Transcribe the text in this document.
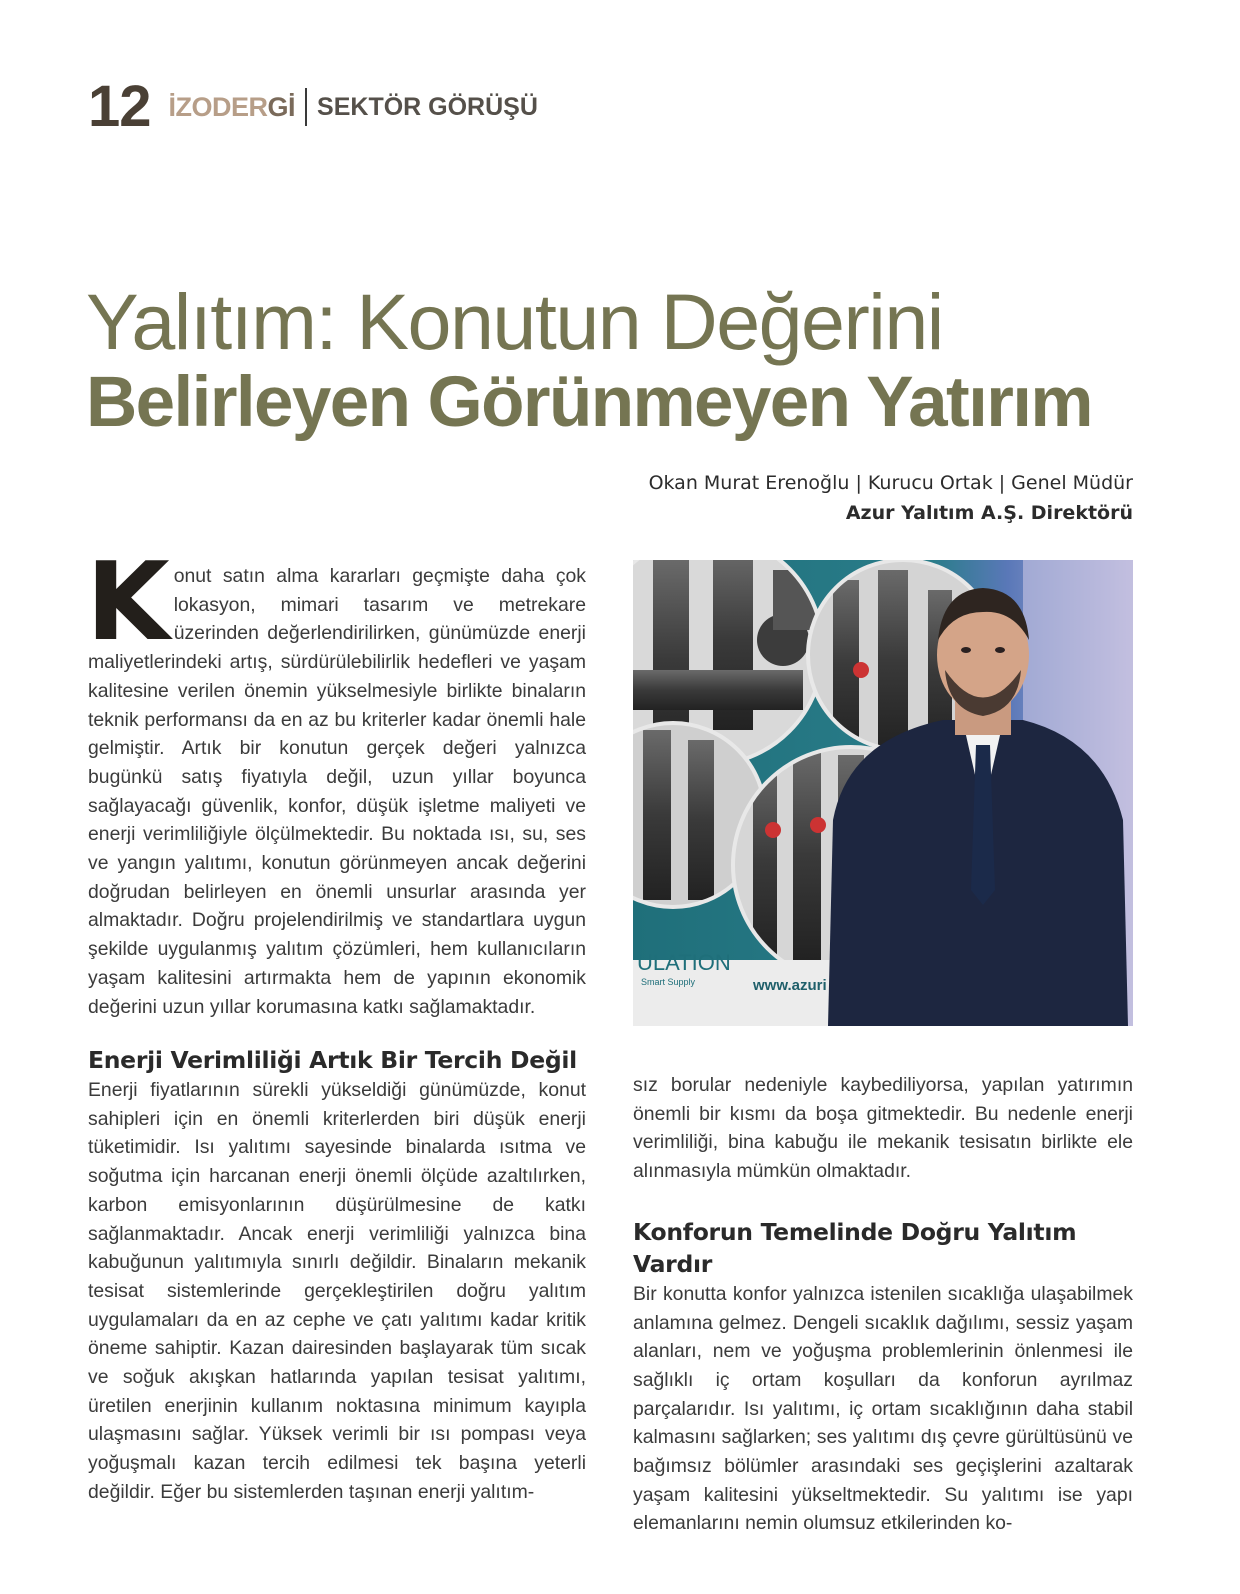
12 İZODERGİ SEKTÖR GÖRÜŞÜ
Yalıtım: Konutun Değerini
Belirleyen Görünmeyen Yatırım
Okan Murat Erenoğlu | Kurucu Ortak | Genel Müdür
Azur Yalıtım A.Ş. Direktörü
K onut satın alma kararları geçmişte daha çok lokasyon, mimari tasarım ve metrekare üzerinden değerlendirilirken, günümüzde enerji maliyetlerindeki artış, sürdürülebilirlik hedefleri ve yaşam kalitesine verilen önemin yükselmesiyle birlikte binaların teknik performansı da en az bu kriterler kadar önemli hale gelmiştir. Artık bir konutun gerçek değeri yalnızca bugünkü satış fiyatıyla değil, uzun yıllar boyunca sağlayacağı güvenlik, konfor, düşük işletme maliyeti ve enerji verimliliğiyle ölçülmektedir. Bu noktada ısı, su, ses ve yangın yalıtımı, konutun görünmeyen ancak değerini doğrudan belirleyen en önemli unsurlar arasında yer almaktadır. Doğru projelendirilmiş ve standartlara uygun şekilde uygulanmış yalıtım çözümleri, hem kullanıcıların yaşam kalitesini artırmakta hem de yapının ekonomik değerini uzun yıllar korumasına katkı sağlamaktadır.

ULATION
Smart Supply	www.azuri
Enerji Verimliliği Artık Bir Tercih Değil

Enerji fiyatlarının sürekli yükseldiği günümüzde, konut sahipleri için en önemli kriterlerden biri düşük enerji tüketimidir. Isı yalıtımı sayesinde binalarda ısıtma ve soğutma için harcanan enerji önemli ölçüde azaltılırken, karbon emisyonlarının düşürülmesine de katkı sağlanmaktadır. Ancak enerji verimliliği yalnızca bina kabuğunun yalıtımıyla sınırlı değildir. Binaların mekanik tesisat sistemlerinde gerçekleştirilen doğru yalıtım uygulamaları da en az cephe ve çatı yalıtımı kadar kritik öneme sahiptir. Kazan dairesinden başlayarak tüm sıcak ve soğuk akışkan hatlarında yapılan tesisat yalıtımı, üretilen enerjinin kullanım noktasına minimum kayıpla ulaşmasını sağlar. Yüksek verimli bir ısı pompası veya yoğuşmalı kazan tercih edilmesi tek başına yeterli değildir. Eğer bu sistemlerden taşınan enerji yalıtım-

sız borular nedeniyle kaybediliyorsa, yapılan yatırımın önemli bir kısmı da boşa gitmektedir. Bu nedenle enerji verimliliği, bina kabuğu ile mekanik tesisatın birlikte ele alınmasıyla mümkün olmaktadır.

Konforun Temelinde Doğru Yalıtım Vardır

Bir konutta konfor yalnızca istenilen sıcaklığa ulaşabilmek anlamına gelmez. Dengeli sıcaklık dağılımı, sessiz yaşam alanları, nem ve yoğuşma problemlerinin önlenmesi ile sağlıklı iç ortam koşulları da konforun ayrılmaz parçalarıdır. Isı yalıtımı, iç ortam sıcaklığının daha stabil kalmasını sağlarken; ses yalıtımı dış çevre gürültüsünü ve bağımsız bölümler arasındaki ses geçişlerini azaltarak yaşam kalitesini yükseltmektedir. Su yalıtımı ise yapı elemanlarını nemin olumsuz etkilerinden ko-
